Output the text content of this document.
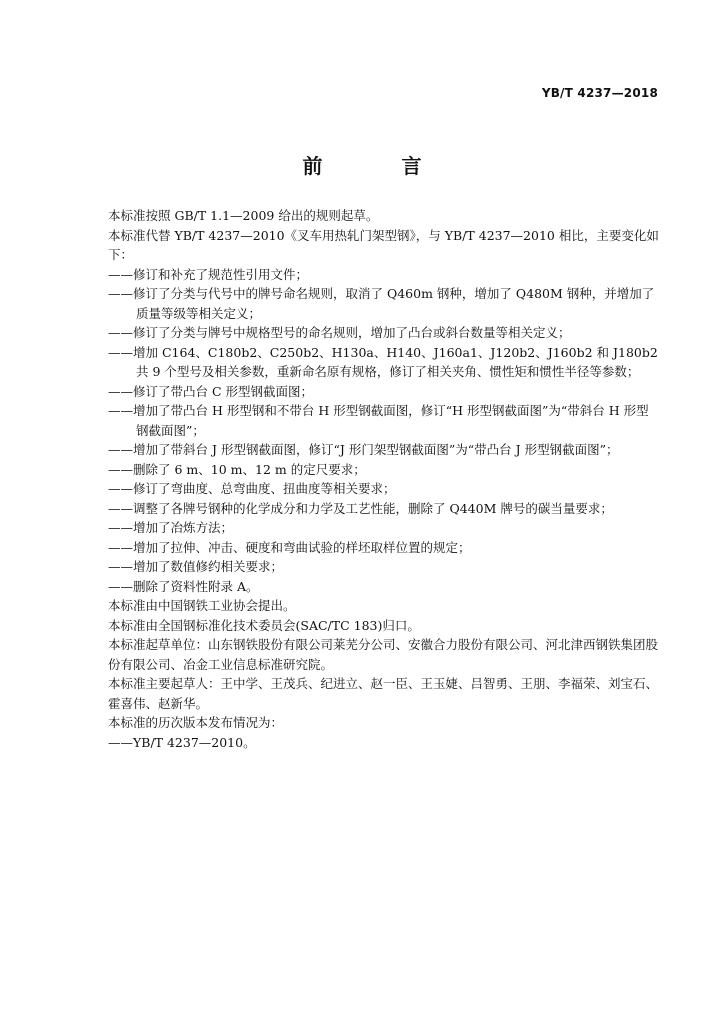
YB/T 4237—2018
前 言

本标准按照 GB/T 1.1—2009 给出的规则起草。

本标准代替 YB/T 4237—2010《叉车用热轧门架型钢》，与 YB/T 4237—2010 相比，主要变化如下：

——修订和补充了规范性引用文件；

——修订了分类与代号中的牌号命名规则，取消了 Q460m 钢种，增加了 Q480M 钢种，并增加了质量等级等相关定义；

——修订了分类与牌号中规格型号的命名规则，增加了凸台或斜台数量等相关定义；

——增加 C164、C180b2、C250b2、H130a、H140、J160a1、J120b2、J160b2 和 J180b2 共 9 个型号及相关参数，重新命名原有规格，修订了相关夹角、惯性矩和惯性半径等参数；

——修订了带凸台 C 形型钢截面图；

——增加了带凸台 H 形型钢和不带台 H 形型钢截面图，修订“H 形型钢截面图”为“带斜台 H 形型钢截面图”；

——增加了带斜台 J 形型钢截面图，修订“J 形门架型钢截面图”为“带凸台 J 形型钢截面图”；

——删除了 6 m、10 m、12 m 的定尺要求；

——修订了弯曲度、总弯曲度、扭曲度等相关要求；

——调整了各牌号钢种的化学成分和力学及工艺性能，删除了 Q440M 牌号的碳当量要求；

——增加了冶炼方法；

——增加了拉伸、冲击、硬度和弯曲试验的样坯取样位置的规定；

——增加了数值修约相关要求；

——删除了资料性附录 A。

本标准由中国钢铁工业协会提出。

本标准由全国钢标准化技术委员会(SAC/TC 183)归口。

本标准起草单位：山东钢铁股份有限公司莱芜分公司、安徽合力股份有限公司、河北津西钢铁集团股份有限公司、冶金工业信息标准研究院。

本标准主要起草人：王中学、王茂兵、纪进立、赵一臣、王玉婕、吕智勇、王朋、李福荣、刘宝石、霍喜伟、赵新华。

本标准的历次版本发布情况为：

——YB/T 4237—2010。
